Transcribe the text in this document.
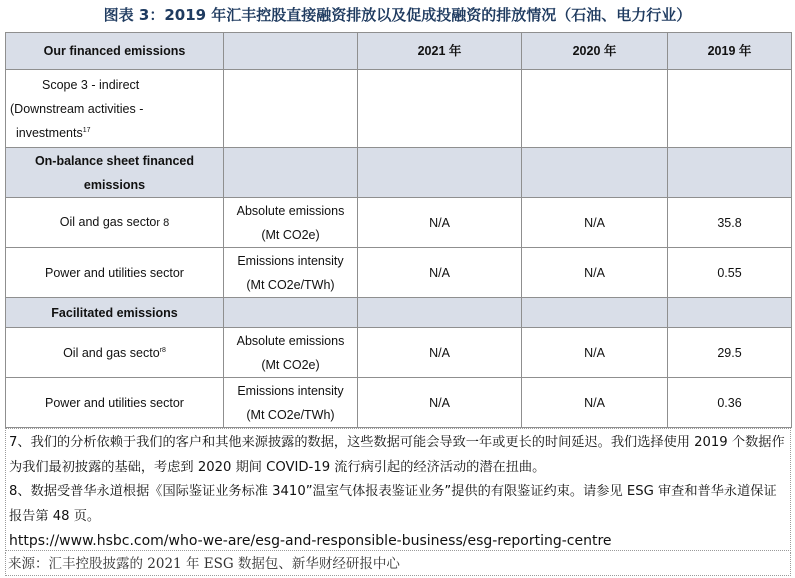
图表 3：2019 年汇丰控股直接融资排放以及促成投融资的排放情况（石油、电力行业）
Our financed emissions		2021 年	2020 年	2019 年

Scope 3 - indirect
(Downstream activities -
investments$^{17}$

On-balance sheet financed
emissions				

Oil and gas sector 8	Absolute emissions
(Mt CO2e)	N/A	N/A	35.8
Power and utilities sector	Emissions intensity
(Mt CO2e/TWh)	N/A	N/A	0.55
Facilitated emissions				
Oil and gas secto$^{r8}$	Absolute emissions
(Mt CO2e)	N/A	N/A	29.5
Power and utilities sector	Emissions intensity
(Mt CO2e/TWh)	N/A	N/A	0.36

7、我们的分析依赖于我们的客户和其他来源披露的数据，这些数据可能会导致一年或更长的时间延迟。我们选择使用 2019 个数据作为我们最初披露的基础，考虑到 2020 期间 COVID-19 流行病引起的经济活动的潜在扭曲。

8、数据受普华永道根据《国际鉴证业务标准 3410”温室气体报表鉴证业务”提供的有限鉴证约束。请参见 ESG 审查和普华永道保证报告第 48 页。

https://www.hsbc.com/who-we-are/esg-and-responsible-business/esg-reporting-centre

来源：汇丰控股披露的 2021 年 ESG 数据包、新华财经研报中心
